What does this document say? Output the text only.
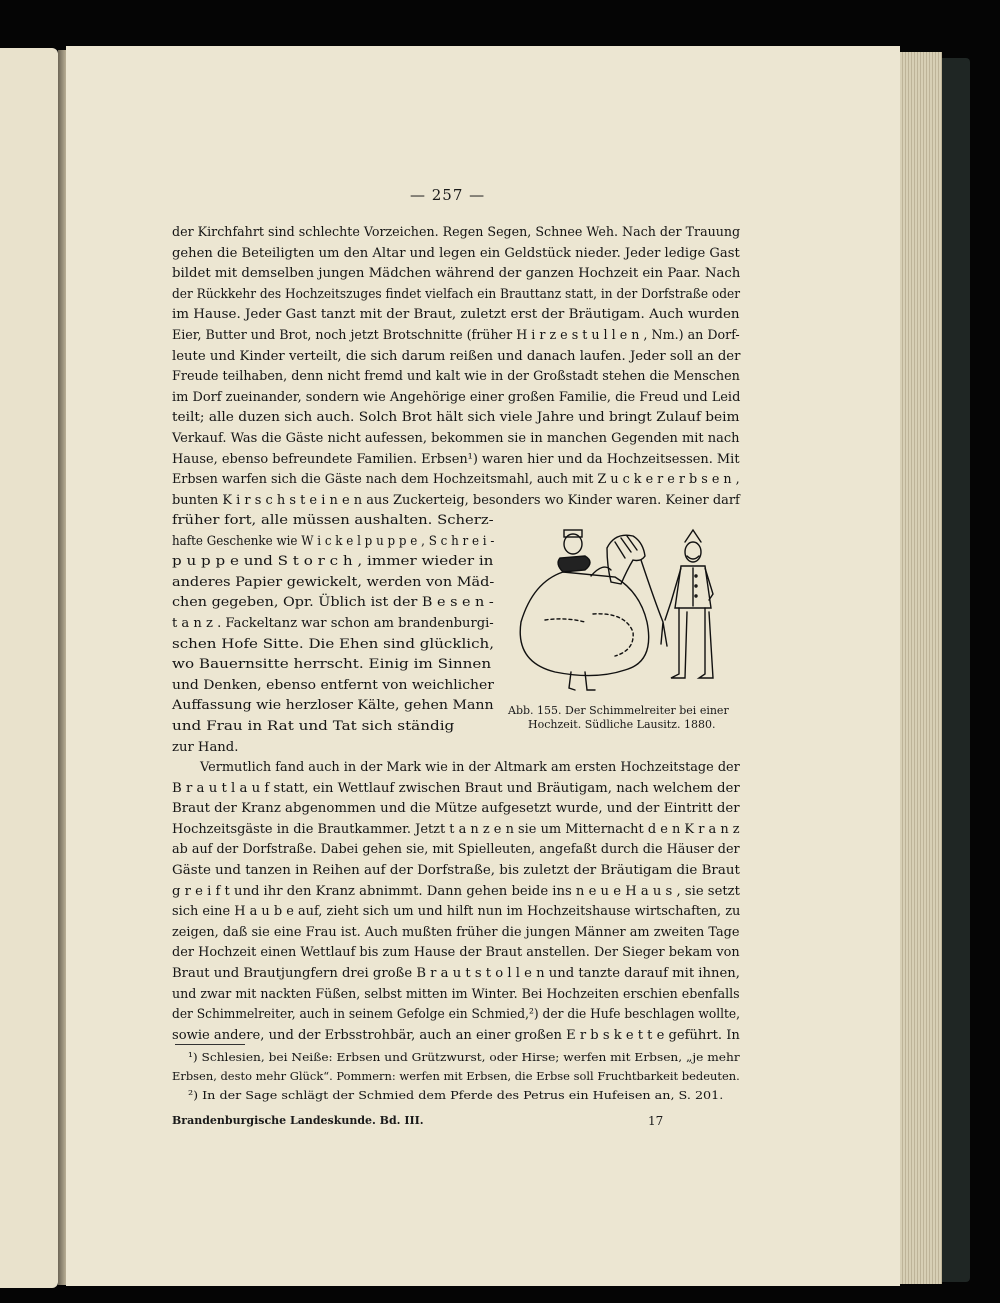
— 257 —
der Kirchfahrt sind schlechte Vorzeichen. Regen Segen, Schnee Weh. Nach der Trauung
gehen die Beteiligten um den Altar und legen ein Geldstück nieder. Jeder ledige Gast
bildet mit demselben jungen Mädchen während der ganzen Hochzeit ein Paar. Nach
der Rückkehr des Hochzeitszuges findet vielfach ein Brauttanz statt, in der Dorfstraße oder
im Hause. Jeder Gast tanzt mit der Braut, zuletzt erst der Bräutigam. Auch wurden
Eier, Butter und Brot, noch jetzt Brotschnitte (früher H i r z e s t u l l e n , Nm.) an Dorf-
leute und Kinder verteilt, die sich darum reißen und danach laufen. Jeder soll an der
Freude teilhaben, denn nicht fremd und kalt wie in der Großstadt stehen die Menschen
im Dorf zueinander, sondern wie Angehörige einer großen Familie, die Freud und Leid
teilt; alle duzen sich auch. Solch Brot hält sich viele Jahre und bringt Zulauf beim
Verkauf. Was die Gäste nicht aufessen, bekommen sie in manchen Gegenden mit nach
Hause, ebenso befreundete Familien. Erbsen¹) waren hier und da Hochzeitsessen. Mit
Erbsen warfen sich die Gäste nach dem Hochzeitsmahl, auch mit Z u c k e r e r b s e n ,
bunten K i r s c h s t e i n e n aus Zuckerteig, besonders wo Kinder waren. Keiner darf
früher fort, alle müssen aushalten. Scherz-
hafte Geschenke wie W i c k e l p u p p e , S c h r e i -
p u p p e und S t o r c h , immer wieder in
anderes Papier gewickelt, werden von Mäd-
chen gegeben, Opr. Üblich ist der B e s e n -
t a n z . Fackeltanz war schon am brandenburgi-
schen Hofe Sitte. Die Ehen sind glücklich,
wo Bauernsitte herrscht. Einig im Sinnen
und Denken, ebenso entfernt von weichlicher
Auffassung wie herzloser Kälte, gehen Mann
und Frau in Rat und Tat sich ständig
zur Hand.
Vermutlich fand auch in der Mark wie in der Altmark am ersten Hochzeitstage der
B r a u t l a u f statt, ein Wettlauf zwischen Braut und Bräutigam, nach welchem der
Braut der Kranz abgenommen und die Mütze aufgesetzt wurde, und der Eintritt der
Hochzeitsgäste in die Brautkammer. Jetzt t a n z e n sie um Mitternacht d e n K r a n z
ab auf der Dorfstraße. Dabei gehen sie, mit Spielleuten, angefaßt durch die Häuser der
Gäste und tanzen in Reihen auf der Dorfstraße, bis zuletzt der Bräutigam die Braut
g r e i f t und ihr den Kranz abnimmt. Dann gehen beide ins n e u e H a u s , sie setzt
sich eine H a u b e auf, zieht sich um und hilft nun im Hochzeitshause wirtschaften, zu
zeigen, daß sie eine Frau ist. Auch mußten früher die jungen Männer am zweiten Tage
der Hochzeit einen Wettlauf bis zum Hause der Braut anstellen. Der Sieger bekam von
Braut und Brautjungfern drei große B r a u t s t o l l e n und tanzte darauf mit ihnen,
und zwar mit nackten Füßen, selbst mitten im Winter. Bei Hochzeiten erschien ebenfalls
der Schimmelreiter, auch in seinem Gefolge ein Schmied,²) der die Hufe beschlagen wollte,
sowie andere, und der Erbsstrohbär, auch an einer großen E r b s k e t t e geführt. In
Abb. 155. Der Schimmelreiter bei einer
Hochzeit. Südliche Lausitz. 1880.
¹) Schlesien, bei Neiße: Erbsen und Grützwurst, oder Hirse; werfen mit Erbsen, „je mehr
Erbsen, desto mehr Glück“. Pommern: werfen mit Erbsen, die Erbse soll Fruchtbarkeit bedeuten.
²) In der Sage schlägt der Schmied dem Pferde des Petrus ein Hufeisen an, S. 201.
Brandenburgische Landeskunde. Bd. III.	17
